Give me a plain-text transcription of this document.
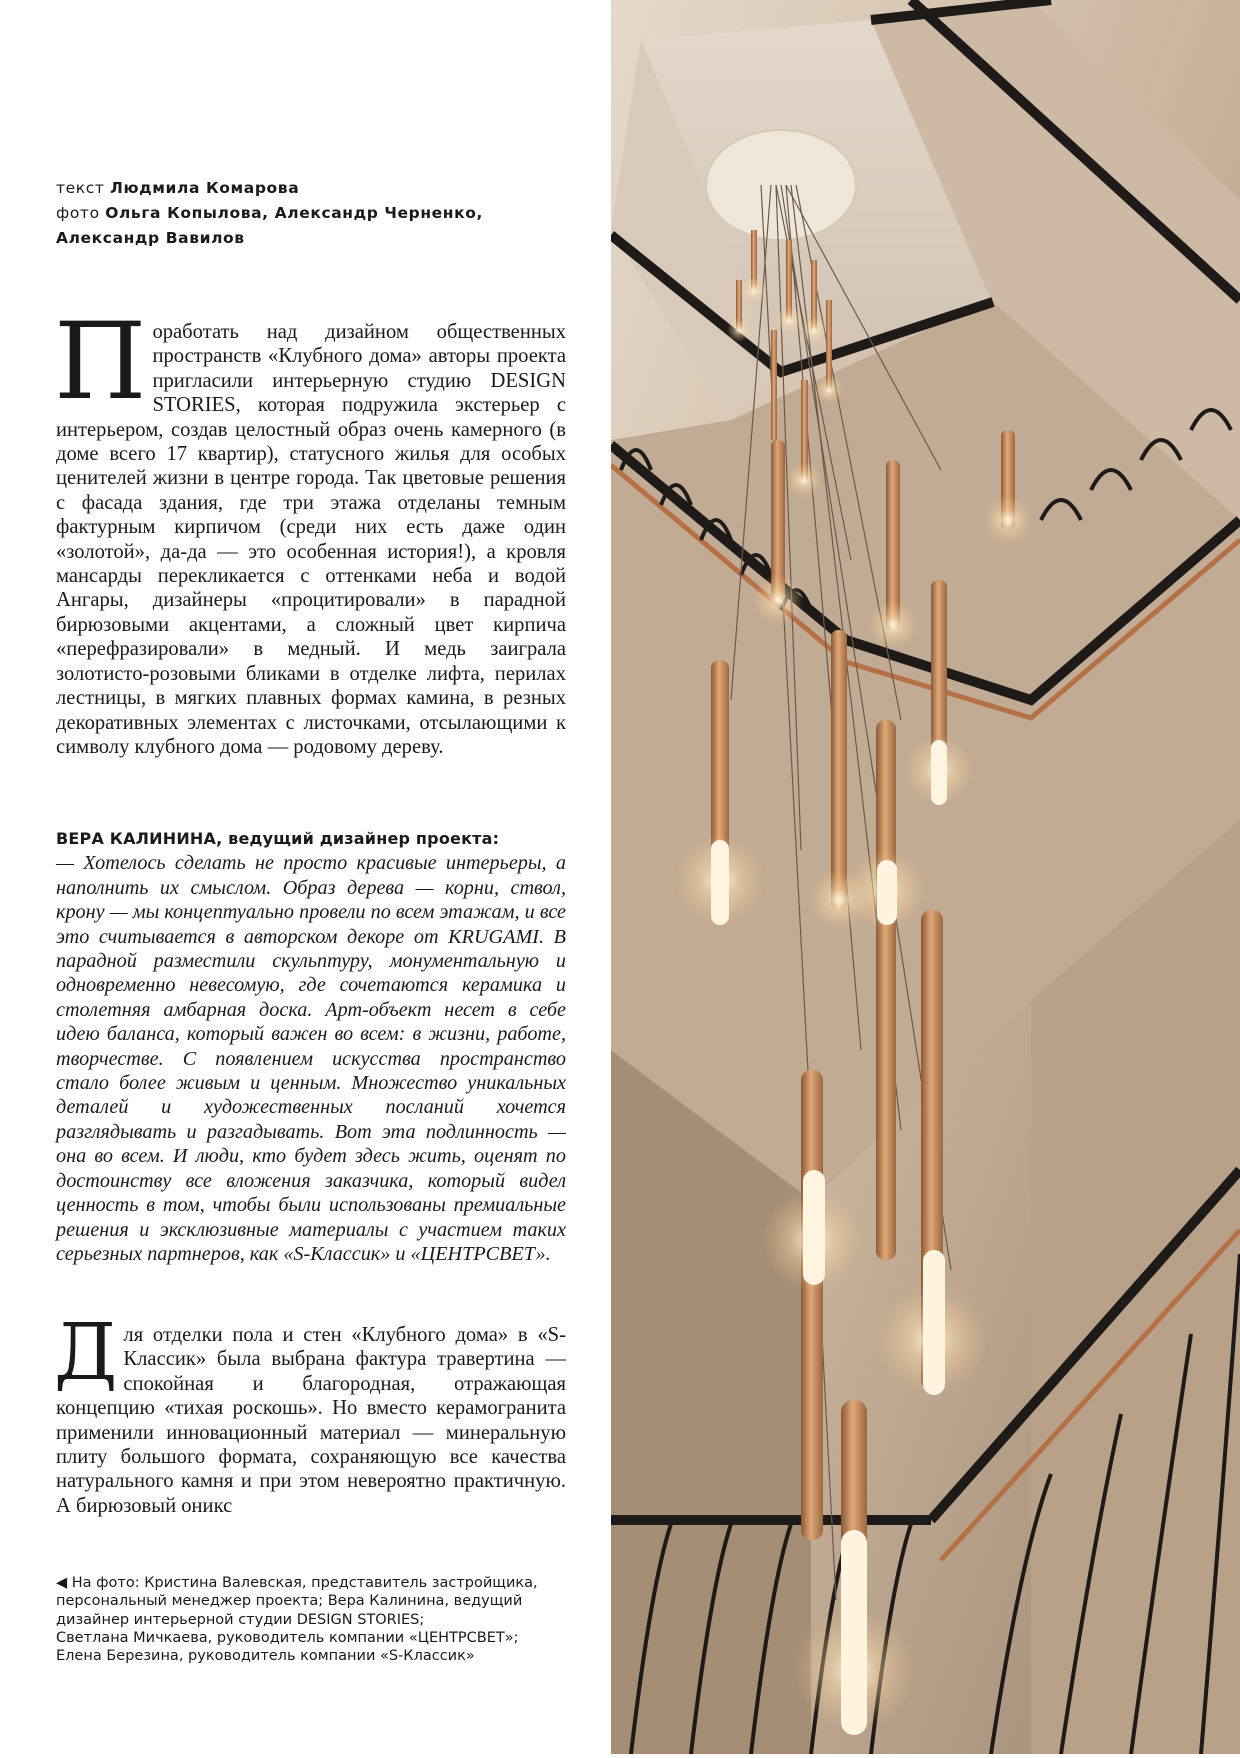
текст Людмила Комарова
фото Ольга Копылова, Александр Черненко,
Александр Вавилов
Поработать над дизайном общественных пространств «Клубного дома» авторы проекта пригласили интерьерную студию DESIGN STORIES, которая подружила экстерьер с интерьером, создав целостный образ очень камерного (в доме всего 17 квартир), статусного жилья для особых ценителей жизни в центре города. Так цветовые решения с фасада здания, где три этажа отделаны темным фактурным кирпичом (среди них есть даже один «золотой», да-да — это особенная история!), а кровля мансарды перекликается с оттенками неба и водой Ангары, дизайнеры «процитировали» в парадной бирюзовыми акцентами, а сложный цвет кирпича «перефразировали» в медный. И медь заиграла золотисто-розовыми бликами в отделке лифта, перилах лестницы, в мягких плавных формах камина, в резных декоративных элементах с листочками, отсылающими к символу клубного дома — родовому дереву.
ВЕРА КАЛИНИНА, ведущий дизайнер проекта:
— Хотелось сделать не просто красивые интерьеры, а наполнить их смыслом. Образ дерева — корни, ствол, крону — мы концептуально провели по всем этажам, и все это считывается в авторском декоре от KRUGAMI. В парадной разместили скульптуру, монументальную и одновременно невесомую, где сочетаются керамика и столетняя амбарная доска. Арт-объект несет в себе идею баланса, который важен во всем: в жизни, работе, творчестве. С появлением искусства пространство стало более живым и ценным. Множество уникальных деталей и художественных посланий хочется разглядывать и разгадывать. Вот эта подлинность — она во всем. И люди, кто будет здесь жить, оценят по достоинству все вложения заказчика, который видел ценность в том, чтобы были использованы премиальные решения и эксклюзивные материалы с участием таких серьезных партнеров, как «S-Классик» и «ЦЕНТРСВЕТ».
Для отделки пола и стен «Клубного дома» в «S-Классик» была выбрана фактура травертина — спокойная и благородная, отражающая концепцию «тихая роскошь». Но вместо керамогранита применили инновационный материал — минеральную плиту большого формата, сохраняющую все качества натурального камня и при этом невероятно практичную. А бирюзовый оникс
◀ На фото: Кристина Валевская, представитель застройщика,
персональный менеджер проекта; Вера Калинина, ведущий
дизайнер интерьерной студии DESIGN STORIES;
Светлана Мичкаева, руководитель компании «ЦЕНТРСВЕТ»;
Елена Березина, руководитель компании «S-Классик»
